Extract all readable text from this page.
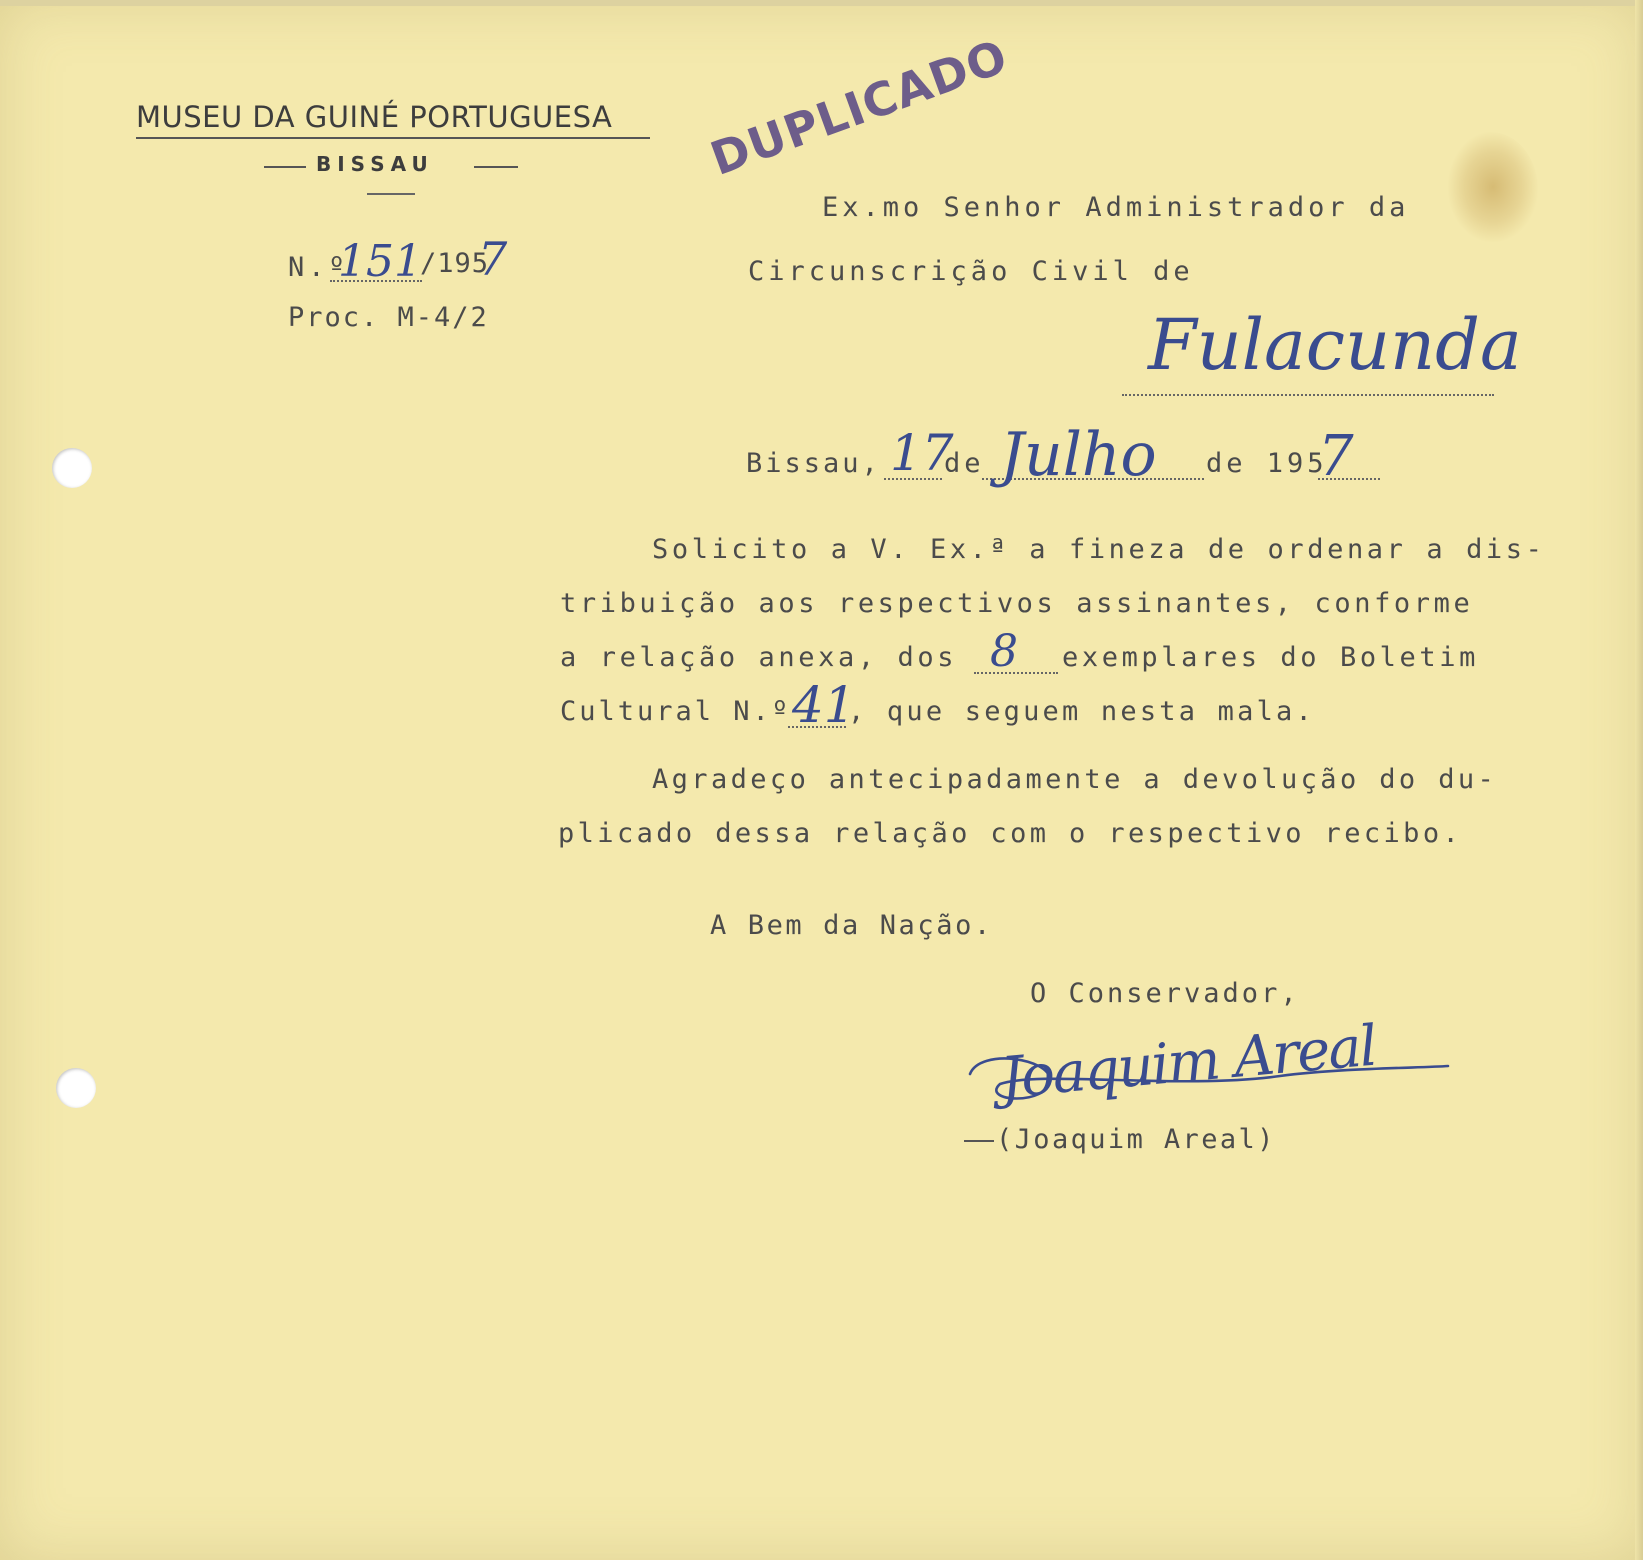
MUSEU DA GUINÉ PORTUGUESA
BISSAU
N.º
151
/195
7
Proc. M-4/2
DUPLICADO
Ex.mo Senhor Administrador da
Circunscrição Civil de
Fulacunda
Bissau, 17
de Julho de 195
7
Solicito a V. Ex.ª a fineza de ordenar a dis-
tribuição aos respectivos assinantes, conforme
a relação anexa, dos 8 exemplares do Boletim
Cultural N.º 41
, que seguem nesta mala.
Agradeço antecipadamente a devolução do du-
plicado dessa relação com o respectivo recibo.
A Bem da Nação.
O Conservador,
Joaquim Areal
(Joaquim Areal)
